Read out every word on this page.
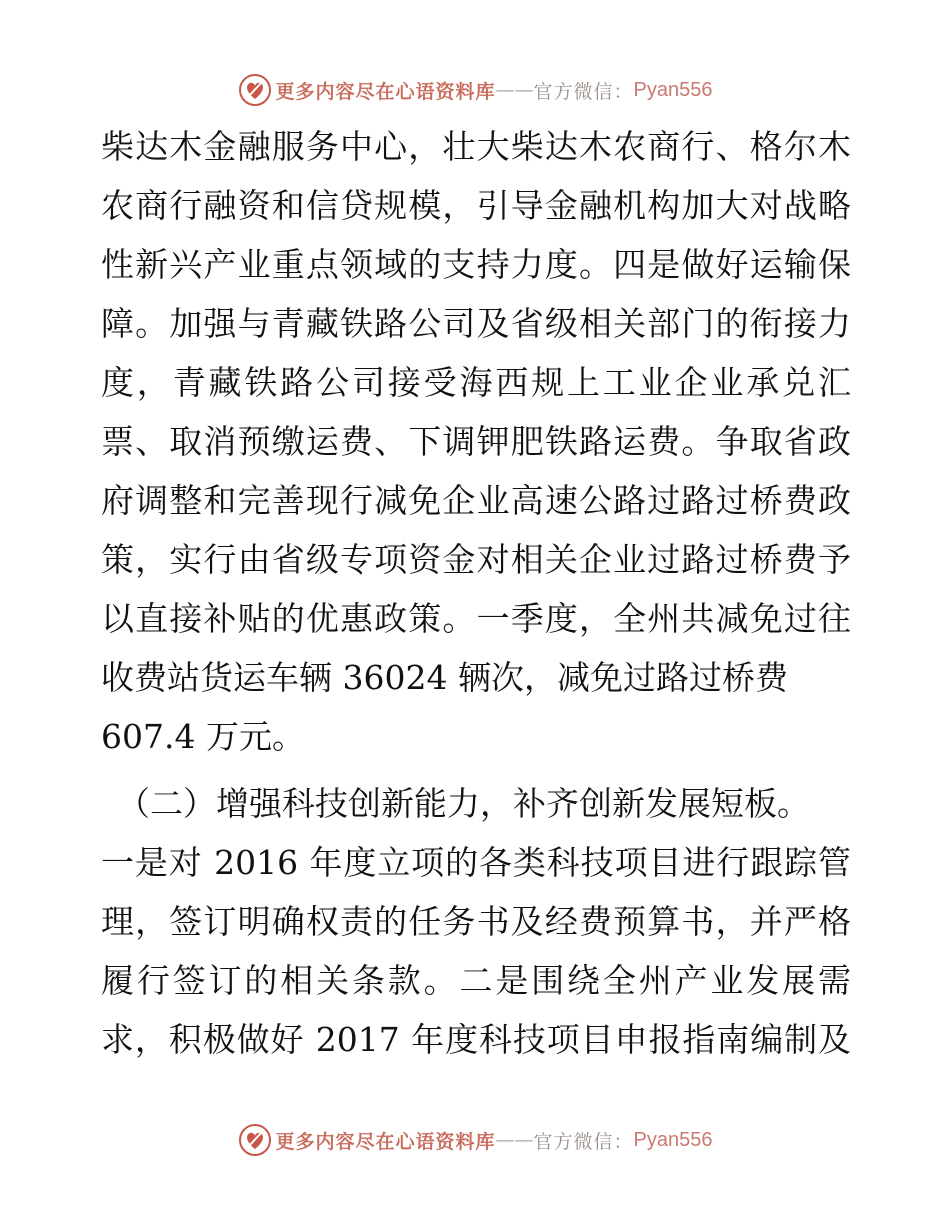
更多内容尽在心语资料库 —— 官方微信： Pyan556
柴达木金融服务中心，壮大柴达木农商行、格尔木
农商行融资和信贷规模，引导金融机构加大对战略
性新兴产业重点领域的支持力度。四是做好运输保
障。加强与青藏铁路公司及省级相关部门的衔接力
度，青藏铁路公司接受海西规上工业企业承兑汇
票、取消预缴运费、下调钾肥铁路运费。争取省政
府调整和完善现行减免企业高速公路过路过桥费政
策，实行由省级专项资金对相关企业过路过桥费予
以直接补贴的优惠政策。一季度，全州共减免过往
收费站货运车辆 36024 辆次，减免过路过桥费
607.4 万元。
（二）增强科技创新能力，补齐创新发展短板。
一是对 2016 年度立项的各类科技项目进行跟踪管
理，签订明确权责的任务书及经费预算书，并严格
履行签订的相关条款。二是围绕全州产业发展需
求，积极做好 2017 年度科技项目申报指南编制及
更多内容尽在心语资料库 —— 官方微信： Pyan556
